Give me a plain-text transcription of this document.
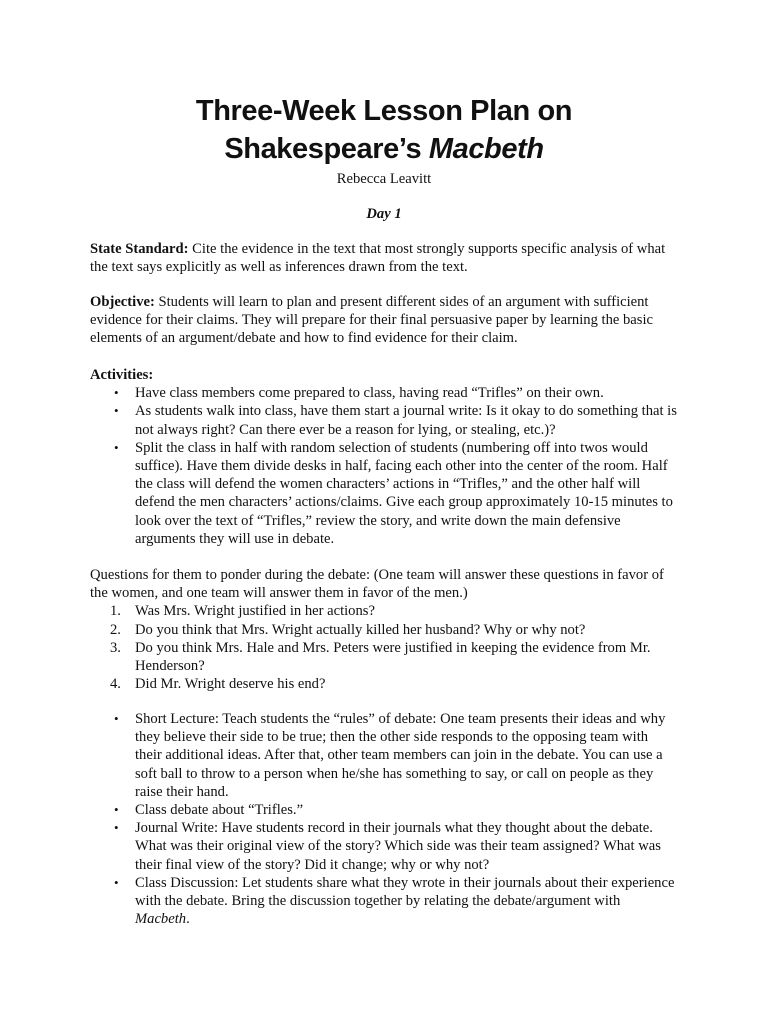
Three-Week Lesson Plan on
Shakespeare’s Macbeth
Rebecca Leavitt
Day 1

State Standard: Cite the evidence in the text that most strongly supports specific analysis of what the text says explicitly as well as inferences drawn from the text.

Objective: Students will learn to plan and present different sides of an argument with sufficient evidence for their claims. They will prepare for their final persuasive paper by learning the basic elements of an argument/debate and how to find evidence for their claim.

Activities:

• Have class members come prepared to class, having read “Trifles” on their own.
• As students walk into class, have them start a journal write: Is it okay to do something that is not always right? Can there ever be a reason for lying, or stealing, etc.)?
• Split the class in half with random selection of students (numbering off into twos would suffice). Have them divide desks in half, facing each other into the center of the room. Half the class will defend the women characters’ actions in “Trifles,” and the other half will defend the men characters’ actions/claims. Give each group approximately 10-15 minutes to look over the text of “Trifles,” review the story, and write down the main defensive arguments they will use in debate.

Questions for them to ponder during the debate: (One team will answer these questions in favor of the women, and one team will answer them in favor of the men.)

1. Was Mrs. Wright justified in her actions?
2. Do you think that Mrs. Wright actually killed her husband? Why or why not?
3. Do you think Mrs. Hale and Mrs. Peters were justified in keeping the evidence from Mr. Henderson?
4. Did Mr. Wright deserve his end?
• Short Lecture: Teach students the “rules” of debate: One team presents their ideas and why they believe their side to be true; then the other side responds to the opposing team with their additional ideas. After that, other team members can join in the debate. You can use a soft ball to throw to a person when he/she has something to say, or call on people as they raise their hand.
• Class debate about “Trifles.”
• Journal Write: Have students record in their journals what they thought about the debate. What was their original view of the story? Which side was their team assigned? What was their final view of the story? Did it change; why or why not?
• Class Discussion: Let students share what they wrote in their journals about their experience with the debate. Bring the discussion together by relating the debate/argument with Macbeth.
